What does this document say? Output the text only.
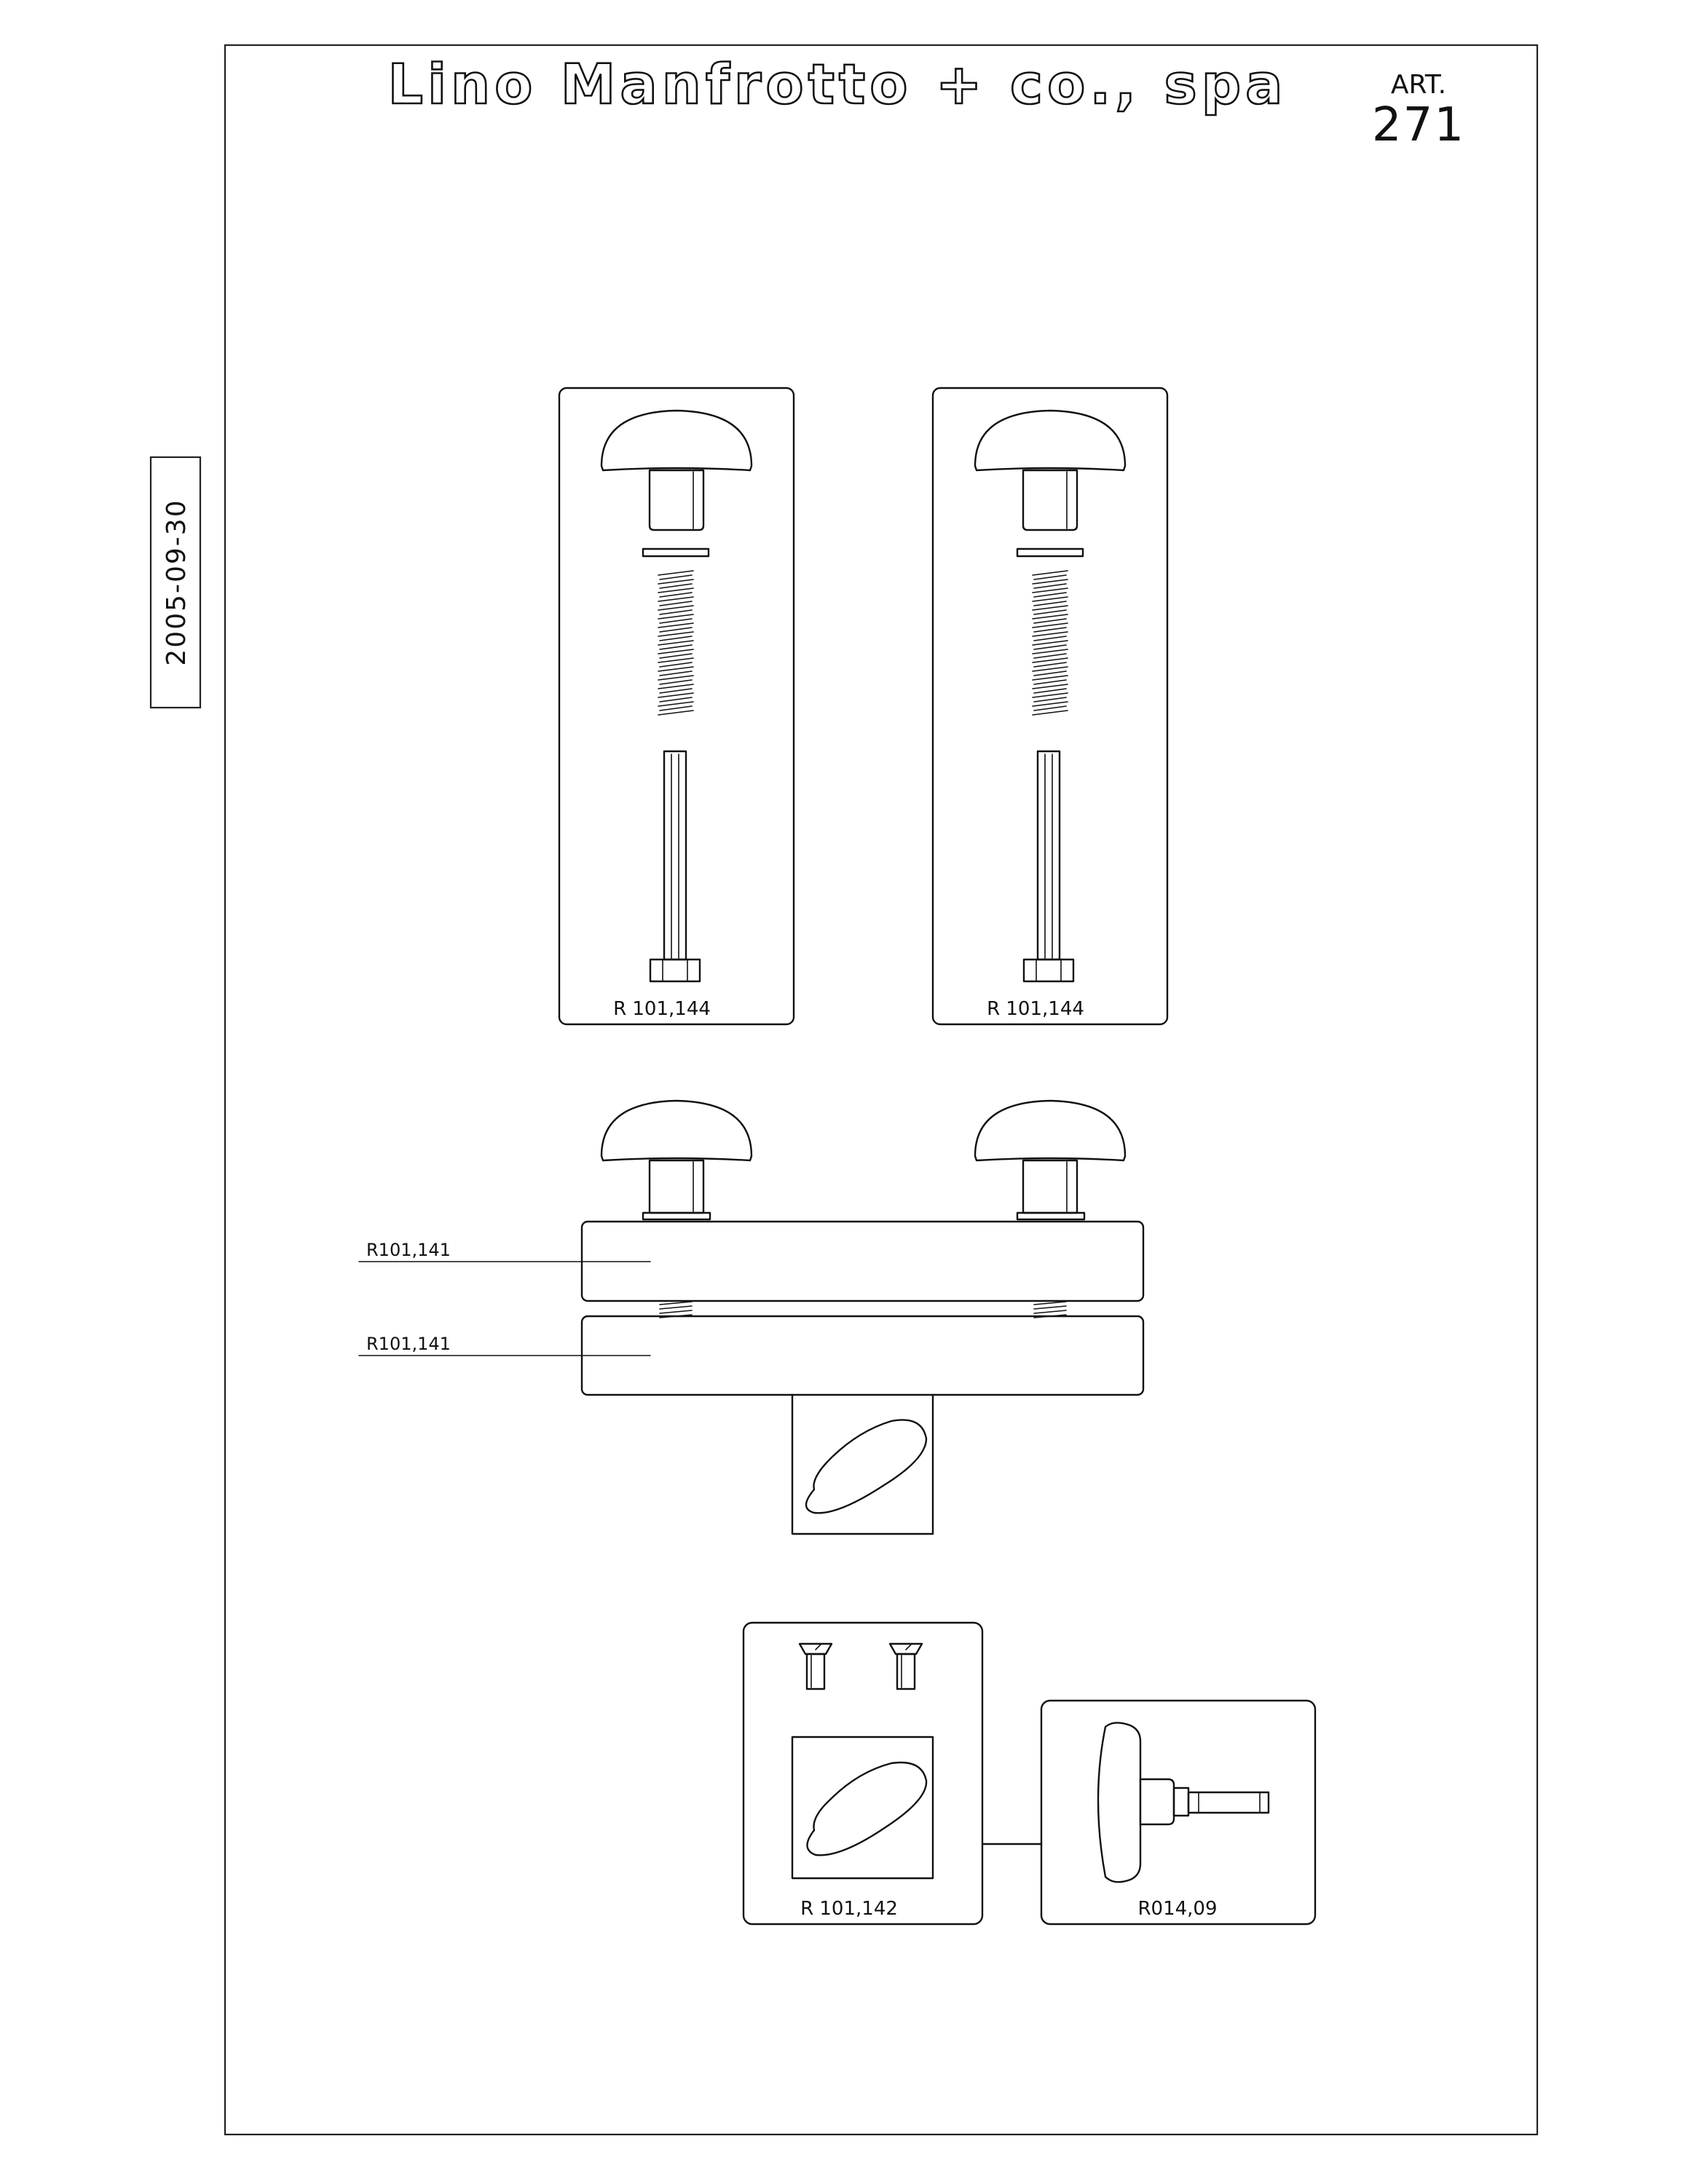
Lino Manfrotto + co., spa	ART.
271
2005-09-30
R 101,144	R 101,144
R101,141
R101,141
R 101,142	R014,09
